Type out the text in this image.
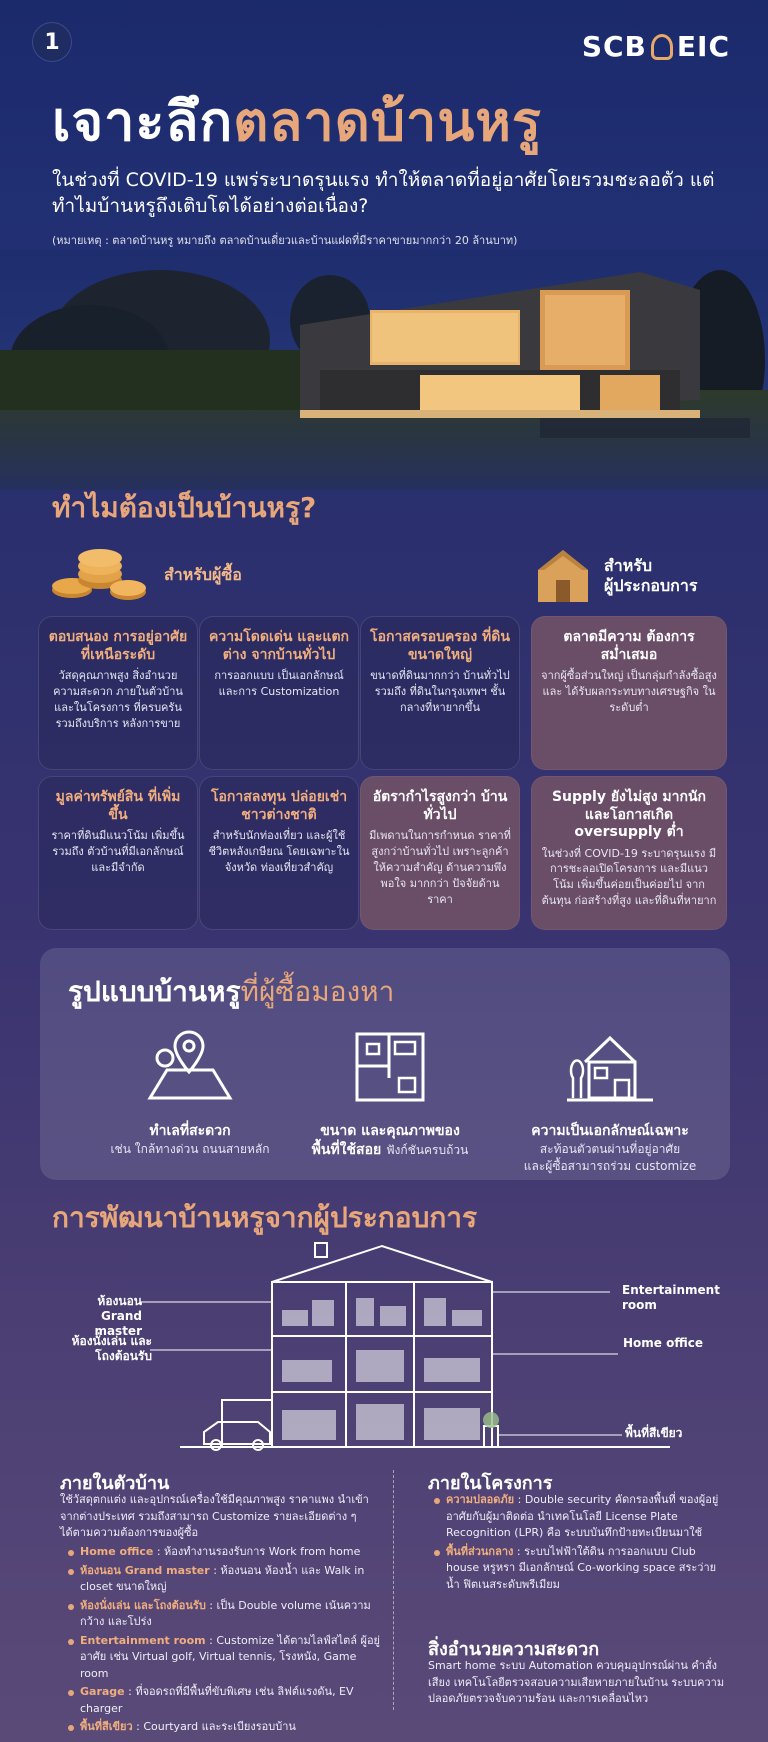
1	SCB EIC
เจาะลึกตลาดบ้านหรู
ในช่วงที่ COVID-19 แพร่ระบาดรุนแรง ทำให้ตลาดที่อยู่อาศัยโดยรวมชะลอตัว แต่ทำไมบ้านหรูถึงเติบโตได้อย่างต่อเนื่อง?
(หมายเหตุ : ตลาดบ้านหรู หมายถึง ตลาดบ้านเดี่ยวและบ้านแฝดที่มีราคาขายมากกว่า 20 ล้านบาท)
ทำไมต้องเป็นบ้านหรู?
สำหรับผู้ซื้อ	สำหรับ
ผู้ประกอบการ
ตอบสนอง การอยู่อาศัย ที่เหนือระดับ
วัสดุคุณภาพสูง สิ่งอำนวยความสะดวก ภายในตัวบ้านและในโครงการ ที่ครบครัน รวมถึงบริการ หลังการขาย
ความโดดเด่น และแตกต่าง จากบ้านทั่วไป
การออกแบบ เป็นเอกลักษณ์ และการ Customization
โอกาสครอบครอง ที่ดินขนาดใหญ่
ขนาดที่ดินมากกว่า บ้านทั่วไป รวมถึง ที่ดินในกรุงเทพฯ ชั้นกลางที่หายากขึ้น
ตลาดมีความ ต้องการสม่ำเสมอ
จากผู้ซื้อส่วนใหญ่ เป็นกลุ่มกำลังซื้อสูงและ ได้รับผลกระทบทางเศรษฐกิจ ในระดับต่ำ
มูลค่าทรัพย์สิน ที่เพิ่มขึ้น
ราคาที่ดินมีแนวโน้ม เพิ่มขึ้น รวมถึง ตัวบ้านที่มีเอกลักษณ์ และมีจำกัด
โอกาสลงทุน ปล่อยเช่า ชาวต่างชาติ
สำหรับนักท่องเที่ยว และผู้ใช้ชีวิตหลังเกษียณ โดยเฉพาะในจังหวัด ท่องเที่ยวสำคัญ
อัตรากำไรสูงกว่า บ้านทั่วไป
มีเพดานในการกำหนด ราคาที่สูงกว่าบ้านทั่วไป เพราะลูกค้าให้ความสำคัญ ด้านความพึงพอใจ มากกว่า ปัจจัยด้านราคา
Supply ยังไม่สูง มากนัก และโอกาสเกิด oversupply ต่ำ
ในช่วงที่ COVID-19 ระบาดรุนแรง มีการชะลอเปิดโครงการ และมีแนวโน้ม เพิ่มขึ้นค่อยเป็นค่อยไป จากต้นทุน ก่อสร้างที่สูง และที่ดินที่หายาก
รูปแบบบ้านหรูที่ผู้ซื้อมองหา
ทำเลที่สะดวก
เช่น ใกล้ทางด่วน ถนนสายหลัก
ขนาด และคุณภาพของ
พื้นที่ใช้สอย ฟังก์ชันครบถ้วน
ความเป็นเอกลักษณ์เฉพาะ
สะท้อนตัวตนผ่านที่อยู่อาศัย
และผู้ซื้อสามารถร่วม customize
การพัฒนาบ้านหรูจากผู้ประกอบการ
ห้องนอน
Grand master
ห้องนั่งเล่น และ
โถงต้อนรับ
Entertainment
room
Home office
พื้นที่สีเขียว
ภายในตัวบ้าน
ใช้วัสดุตกแต่ง และอุปกรณ์เครื่องใช้มีคุณภาพสูง ราคาแพง นำเข้าจากต่างประเทศ รวมถึงสามารถ Customize รายละเอียดต่าง ๆ ได้ตามความต้องการของผู้ซื้อ
Home office : ห้องทำงานรองรับการ Work from home
ห้องนอน Grand master : ห้องนอน ห้องน้ำ และ Walk in closet ขนาดใหญ่
ห้องนั่งเล่น และโถงต้อนรับ : เป็น Double volume เน้นความกว้าง และโปร่ง
Entertainment room : Customize ได้ตามไลฟ์สไตล์ ผู้อยู่อาศัย เช่น Virtual golf, Virtual tennis, โรงหนัง, Game room
Garage : ที่จอดรถที่มีพื้นที่ขับพิเศษ เช่น ลิฟต์แรงดัน, EV charger
พื้นที่สีเขียว : Courtyard และระเบียงรอบบ้าน
ภายในโครงการ
ความปลอดภัย : Double security คัดกรองพื้นที่ ของผู้อยู่อาศัยกับผู้มาติดต่อ นำเทคโนโลยี License Plate Recognition (LPR) คือ ระบบบันทึกป้ายทะเบียนมาใช้
พื้นที่ส่วนกลาง : ระบบไฟฟ้าใต้ดิน การออกแบบ Club house หรูหรา มีเอกลักษณ์ Co-working space สระว่ายน้ำ ฟิตเนสระดับพรีเมียม
สิ่งอำนวยความสะดวก
Smart home ระบบ Automation ควบคุมอุปกรณ์ผ่าน คำสั่งเสียง เทคโนโลยีตรวจสอบความเสียหายภายในบ้าน ระบบความปลอดภัยตรวจจับความร้อน และการเคลื่อนไหว
